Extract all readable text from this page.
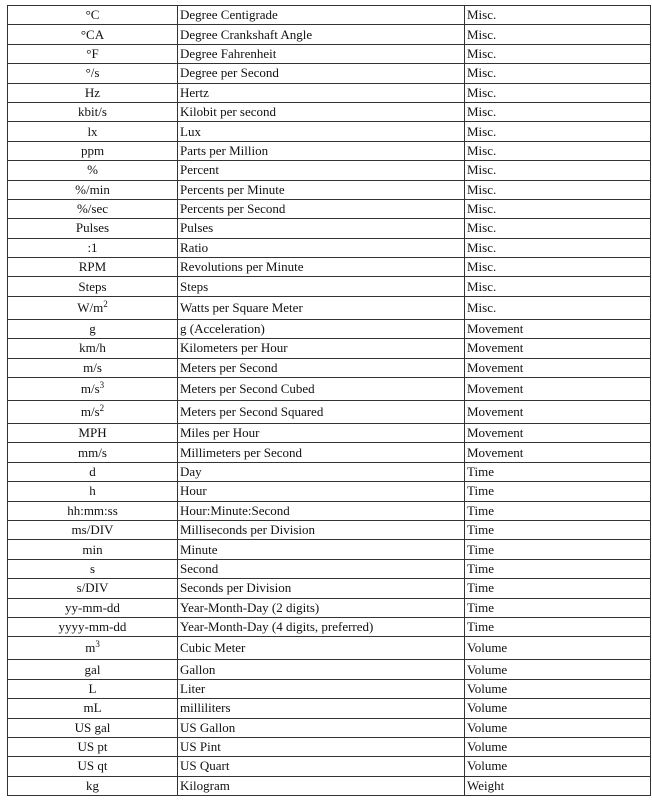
°C	Degree Centigrade	Misc.
°CA	Degree Crankshaft Angle	Misc.
°F	Degree Fahrenheit	Misc.
°/s	Degree per Second	Misc.
Hz	Hertz	Misc.
kbit/s	Kilobit per second	Misc.
lx	Lux	Misc.
ppm	Parts per Million	Misc.
%	Percent	Misc.
%/min	Percents per Minute	Misc.
%/sec	Percents per Second	Misc.
Pulses	Pulses	Misc.
:1	Ratio	Misc.
RPM	Revolutions per Minute	Misc.
Steps	Steps	Misc.
$W/m^2$	Watts per Square Meter	Misc.
g	g (Acceleration)	Movement
km/h	Kilometers per Hour	Movement
m/s	Meters per Second	Movement
$m/s^3$	Meters per Second Cubed	Movement
$m/s^2$	Meters per Second Squared	Movement
MPH	Miles per Hour	Movement
mm/s	Millimeters per Second	Movement
d	Day	Time
h	Hour	Time
hh:mm:ss	Hour:Minute:Second	Time
ms/DIV	Milliseconds per Division	Time
min	Minute	Time
s	Second	Time
s/DIV	Seconds per Division	Time
yy-mm-dd	Year-Month-Day (2 digits)	Time
yyyy-mm-dd	Year-Month-Day (4 digits, preferred)	Time
$m^3$	Cubic Meter	Volume
gal	Gallon	Volume
L	Liter	Volume
mL	milliliters	Volume
US gal	US Gallon	Volume
US pt	US Pint	Volume
US qt	US Quart	Volume
kg	Kilogram	Weight
